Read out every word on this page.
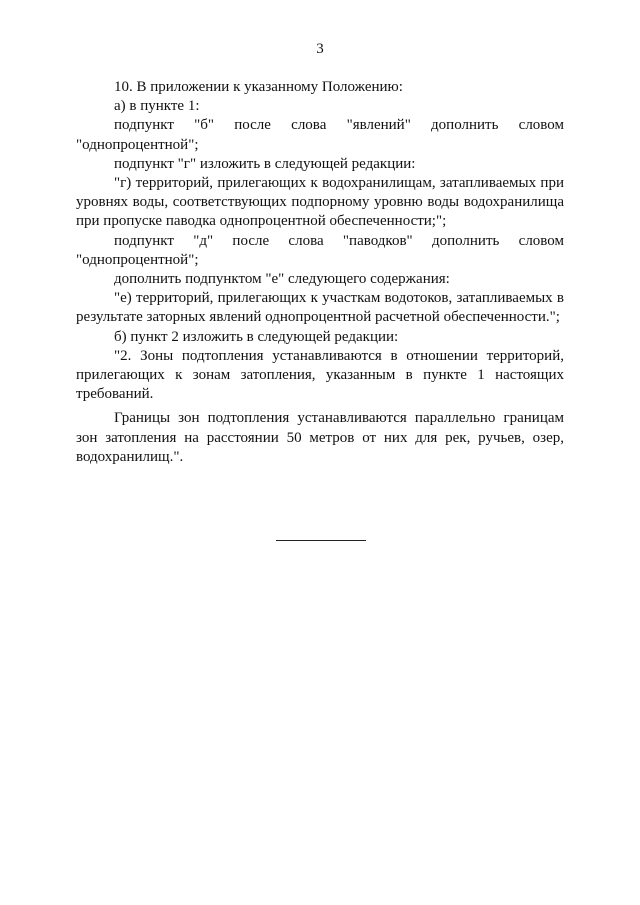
3

10. В приложении к указанному Положению:

а) в пункте 1:

подпункт "б" после слова "явлений" дополнить словом "однопроцентной";

подпункт "г" изложить в следующей редакции:

"г) территорий, прилегающих к водохранилищам, затапливаемых при уровнях воды, соответствующих подпорному уровню воды водохранилища при пропуске паводка однопроцентной обеспеченности;";

подпункт "д" после слова "паводков" дополнить словом "однопроцентной";

дополнить подпунктом "е" следующего содержания:

"е) территорий, прилегающих к участкам водотоков, затапливаемых в результате заторных явлений однопроцентной расчетной обеспеченности.";

б) пункт 2 изложить в следующей редакции:

"2. Зоны подтопления устанавливаются в отношении территорий, прилегающих к зонам затопления, указанным в пункте 1 настоящих требований.

Границы зон подтопления устанавливаются параллельно границам зон затопления на расстоянии 50 метров от них для рек, ручьев, озер, водохранилищ.".
